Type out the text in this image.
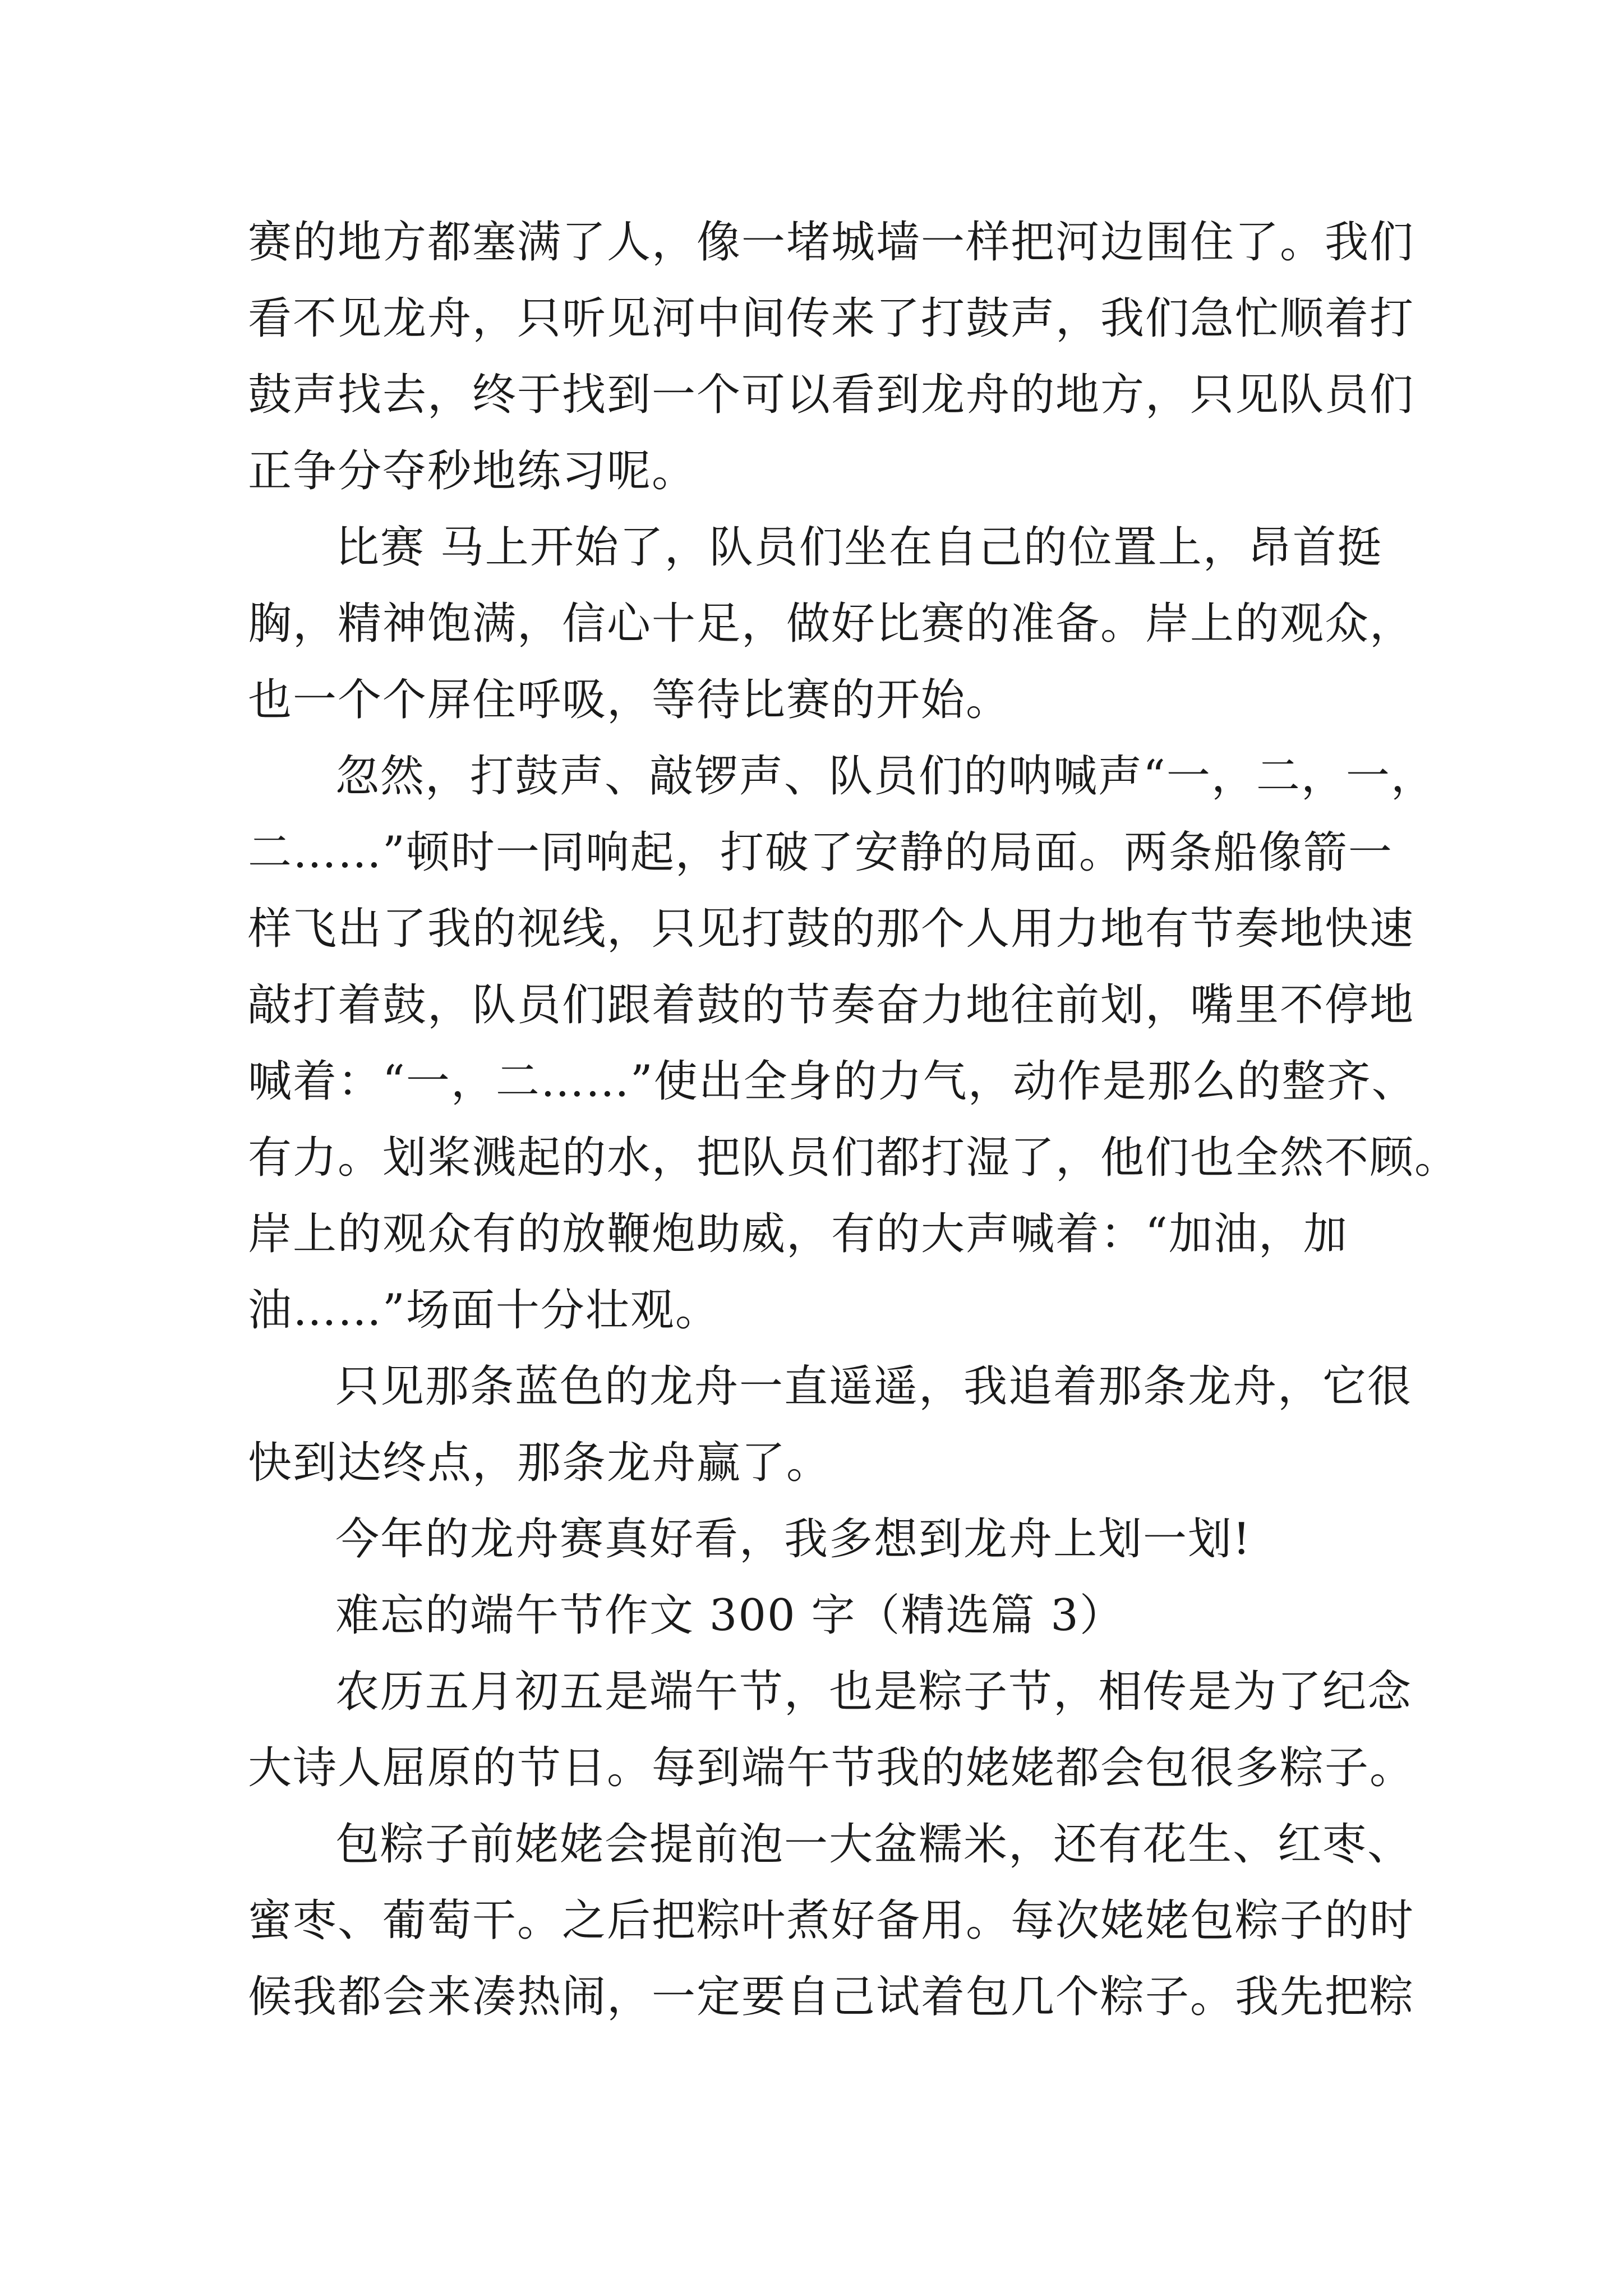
赛的地方都塞满了人，像一堵城墙一样把河边围住了。我们
看不见龙舟，只听见河中间传来了打鼓声，我们急忙顺着打
鼓声找去，终于找到一个可以看到龙舟的地方，只见队员们
正争分夺秒地练习呢。
比赛 马上开始了，队员们坐在自己的位置上，昂首挺
胸，精神饱满，信心十足，做好比赛的准备。岸上的观众，
也一个个屏住呼吸，等待比赛的开始。
忽然，打鼓声、敲锣声、队员们的呐喊声“一，二，一，
二……”顿时一同响起，打破了安静的局面。两条船像箭一
样飞出了我的视线，只见打鼓的那个人用力地有节奏地快速
敲打着鼓，队员们跟着鼓的节奏奋力地往前划，嘴里不停地
喊着：“一，二……”使出全身的力气，动作是那么的整齐、
有力。划桨溅起的水，把队员们都打湿了，他们也全然不顾。
岸上的观众有的放鞭炮助威，有的大声喊着：“加油，加
油……”场面十分壮观。
只见那条蓝色的龙舟一直遥遥，我追着那条龙舟，它很
快到达终点，那条龙舟赢了。
今年的龙舟赛真好看，我多想到龙舟上划一划!
难忘的端午节作文 300 字（精选篇 3）
农历五月初五是端午节，也是粽子节，相传是为了纪念
大诗人屈原的节日。每到端午节我的姥姥都会包很多粽子。
包粽子前姥姥会提前泡一大盆糯米，还有花生、红枣、
蜜枣、葡萄干。之后把粽叶煮好备用。每次姥姥包粽子的时
候我都会来凑热闹，一定要自己试着包几个粽子。我先把粽
